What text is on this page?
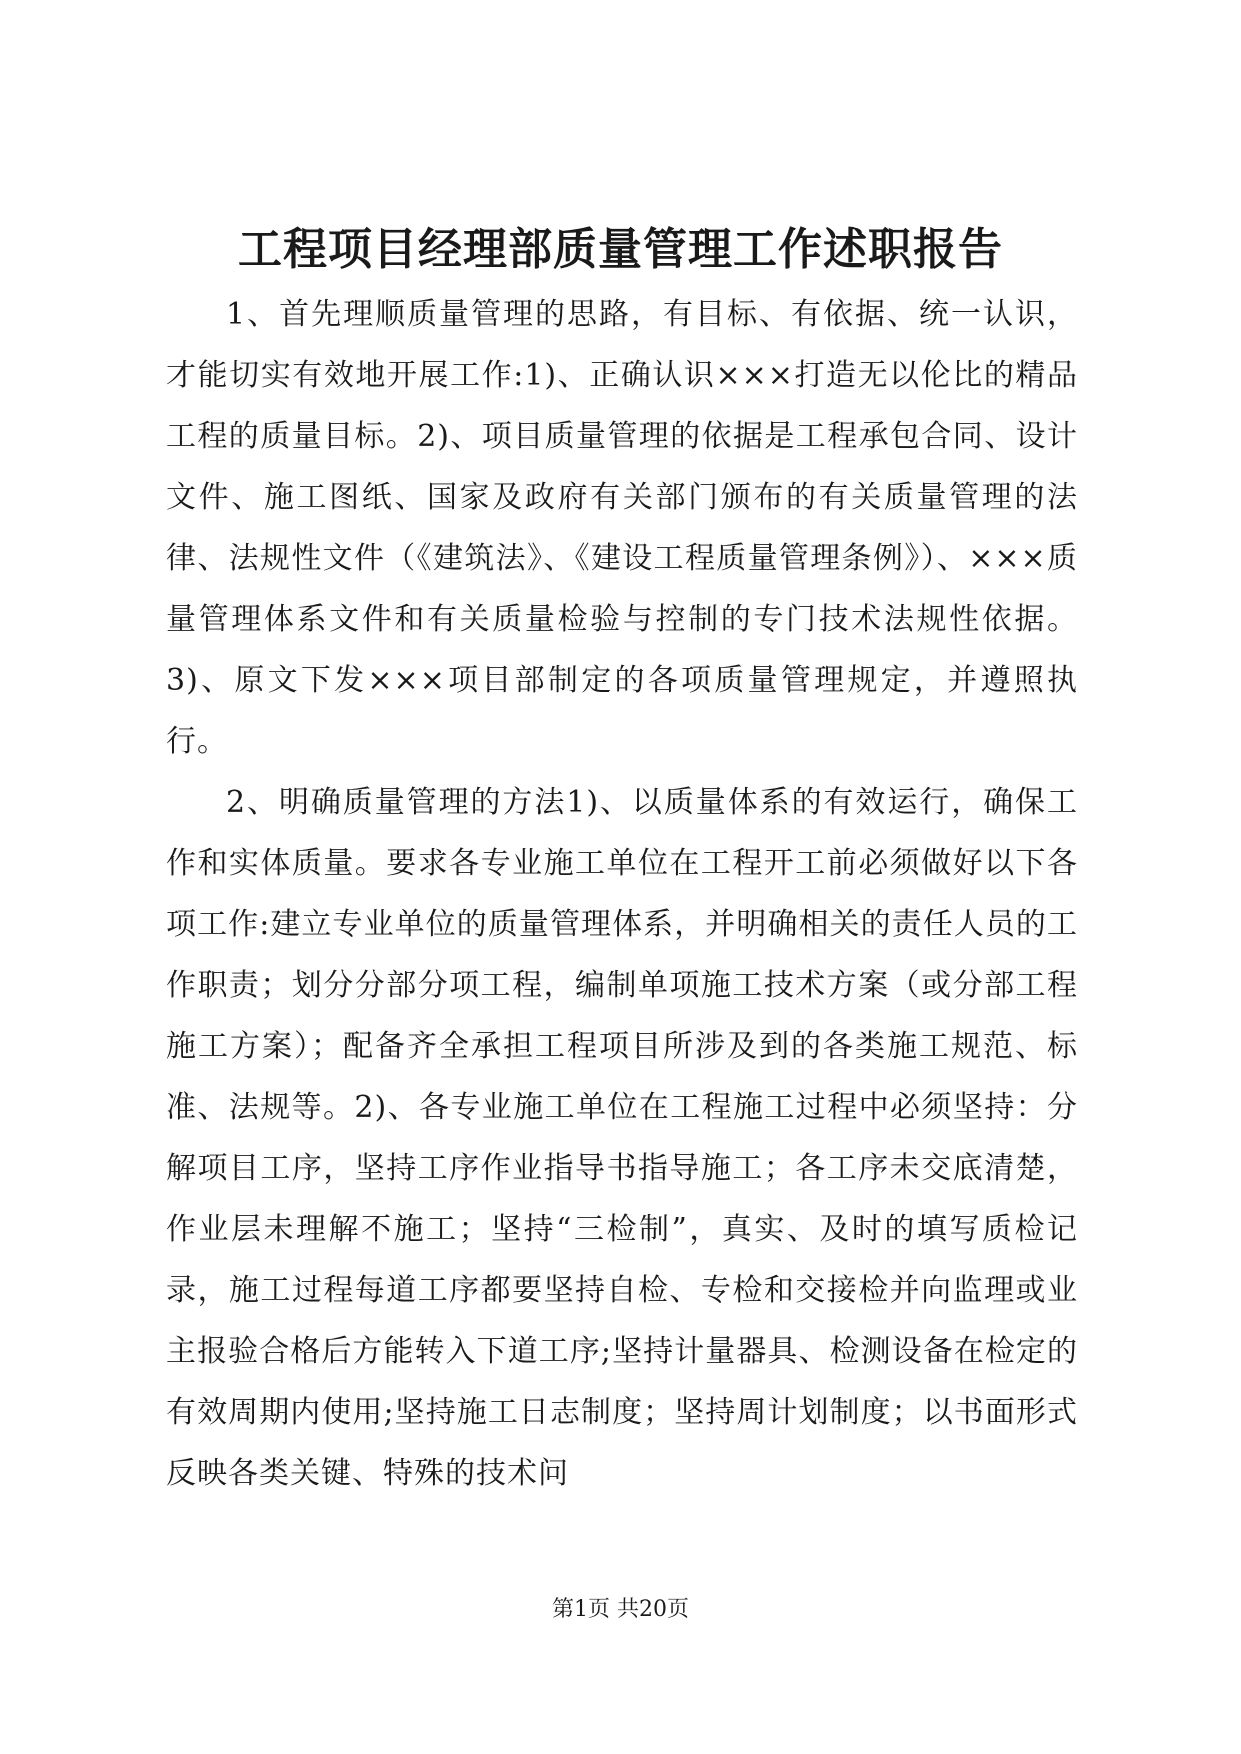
工程项目经理部质量管理工作述职报告

1、首先理顺质量管理的思路，有目标、有依据、统一认识，才能切实有效地开展工作:1)、正确认识×××打造无以伦比的精品工程的质量目标。2)、项目质量管理的依据是工程承包合同、设计文件、施工图纸、国家及政府有关部门颁布的有关质量管理的法律、法规性文件（《建筑法》、《建设工程质量管理条例》）、×××质量管理体系文件和有关质量检验与控制的专门技术法规性依据。3)、原文下发×××项目部制定的各项质量管理规定，并遵照执行。

2、明确质量管理的方法1)、以质量体系的有效运行，确保工作和实体质量。要求各专业施工单位在工程开工前必须做好以下各项工作:建立专业单位的质量管理体系，并明确相关的责任人员的工作职责；划分分部分项工程，编制单项施工技术方案（或分部工程施工方案）；配备齐全承担工程项目所涉及到的各类施工规范、标准、法规等。2)、各专业施工单位在工程施工过程中必须坚持：分解项目工序，坚持工序作业指导书指导施工；各工序未交底清楚，作业层未理解不施工；坚持“三检制”，真实、及时的填写质检记录，施工过程每道工序都要坚持自检、专检和交接检并向监理或业主报验合格后方能转入下道工序;坚持计量器具、检测设备在检定的有效周期内使用;坚持施工日志制度；坚持周计划制度；以书面形式反映各类关键、特殊的技术问

第1页 共20页
